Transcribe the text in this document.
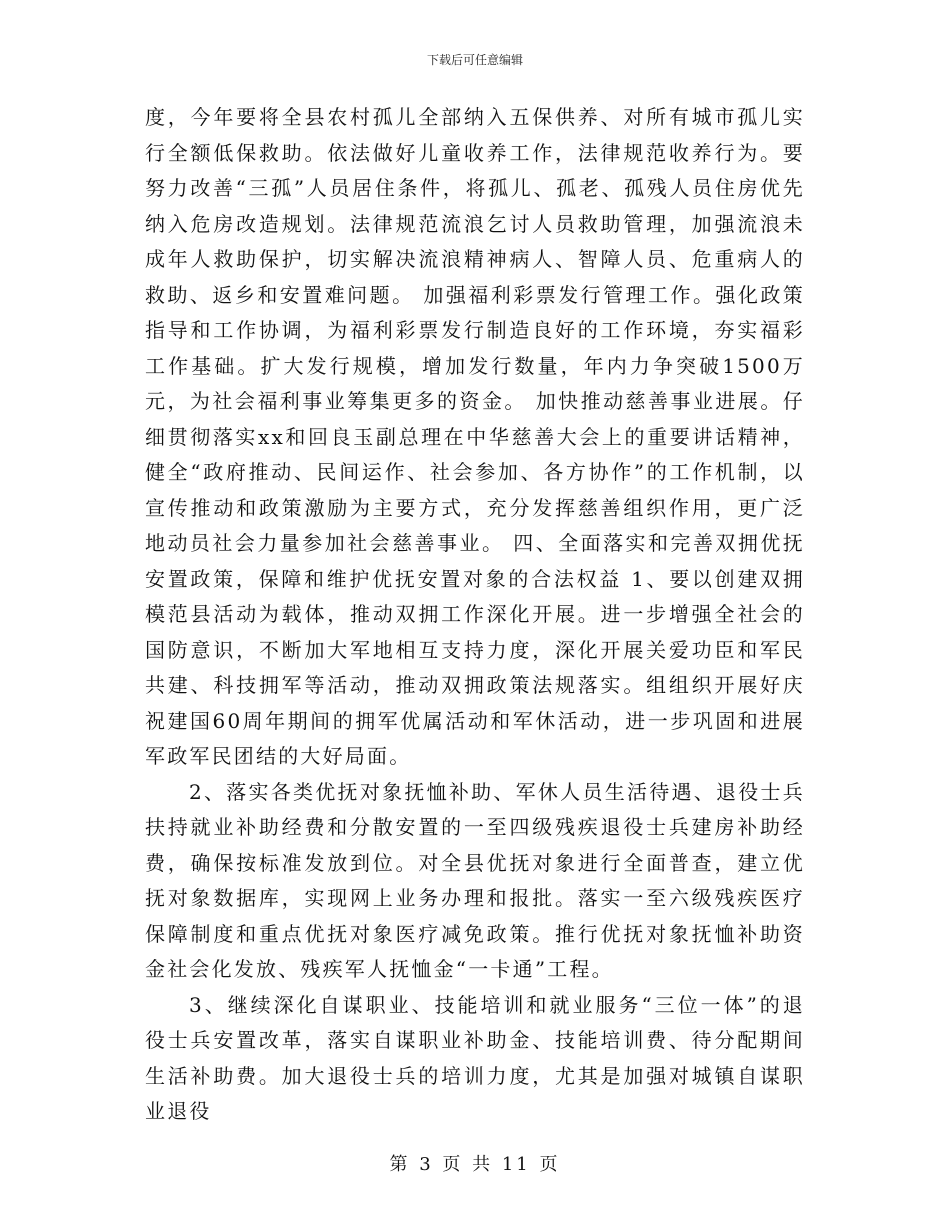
下载后可任意编辑

度，今年要将全县农村孤儿全部纳入五保供养、对所有城市孤儿实行全额低保救助。依法做好儿童收养工作，法律规范收养行为。要努力改善“三孤”人员居住条件，将孤儿、孤老、孤残人员住房优先纳入危房改造规划。法律规范流浪乞讨人员救助管理，加强流浪未成年人救助保护，切实解决流浪精神病人、智障人员、危重病人的救助、返乡和安置难问题。 加强福利彩票发行管理工作。强化政策指导和工作协调，为福利彩票发行制造良好的工作环境，夯实福彩工作基础。扩大发行规模，增加发行数量，年内力争突破1500万元，为社会福利事业筹集更多的资金。 加快推动慈善事业进展。仔细贯彻落实xx和回良玉副总理在中华慈善大会上的重要讲话精神，健全“政府推动、民间运作、社会参加、各方协作”的工作机制，以宣传推动和政策激励为主要方式，充分发挥慈善组织作用，更广泛地动员社会力量参加社会慈善事业。 四、全面落实和完善双拥优抚安置政策，保障和维护优抚安置对象的合法权益 1、要以创建双拥模范县活动为载体，推动双拥工作深化开展。进一步增强全社会的国防意识，不断加大军地相互支持力度，深化开展关爱功臣和军民共建、科技拥军等活动，推动双拥政策法规落实。组组织开展好庆祝建国60周年期间的拥军优属活动和军休活动，进一步巩固和进展军政军民团结的大好局面。

2、落实各类优抚对象抚恤补助、军休人员生活待遇、退役士兵扶持就业补助经费和分散安置的一至四级残疾退役士兵建房补助经费，确保按标准发放到位。对全县优抚对象进行全面普查，建立优抚对象数据库，实现网上业务办理和报批。落实一至六级残疾医疗保障制度和重点优抚对象医疗减免政策。推行优抚对象抚恤补助资金社会化发放、残疾军人抚恤金“一卡通”工程。

3、继续深化自谋职业、技能培训和就业服务“三位一体”的退役士兵安置改革，落实自谋职业补助金、技能培训费、待分配期间生活补助费。加大退役士兵的培训力度，尤其是加强对城镇自谋职业退役

第 3 页 共 11 页
